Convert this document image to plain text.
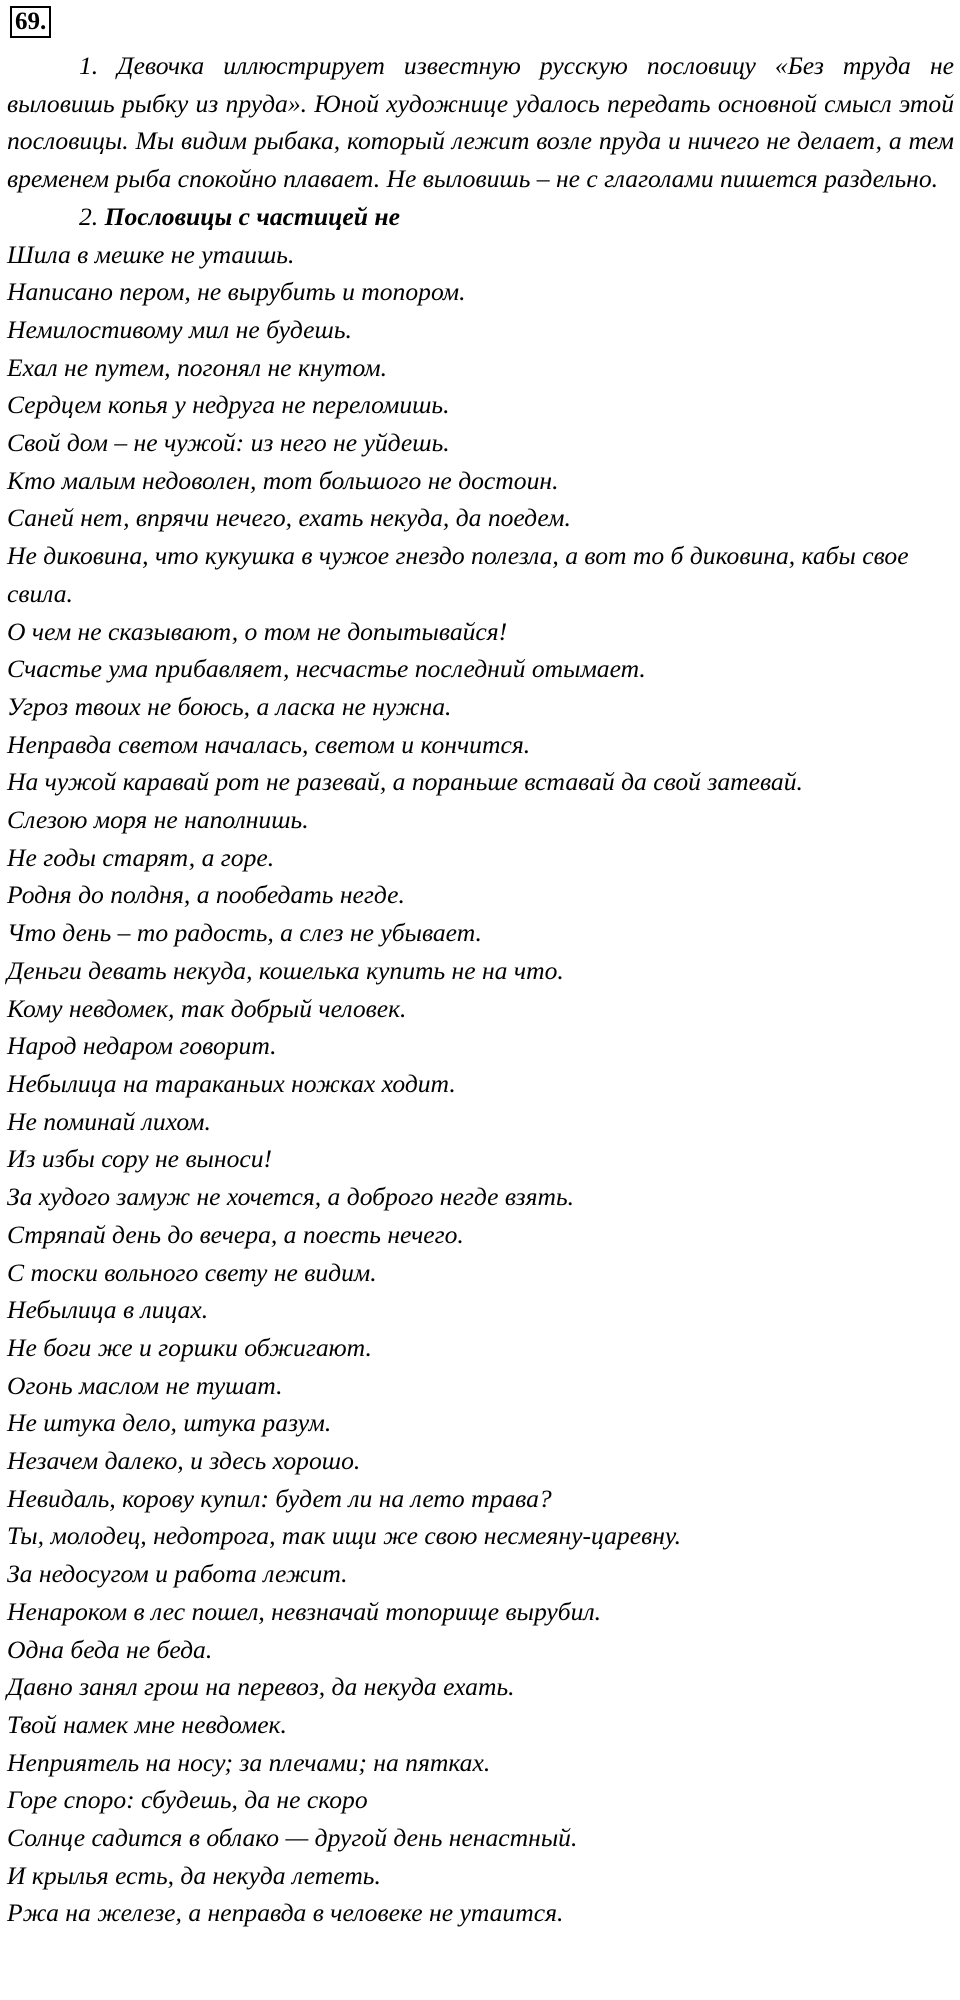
69.

1. Девочка иллюстрирует известную русскую пословицу «Без труда не выловишь рыбку из пруда». Юной художнице удалось передать основной смысл этой пословицы. Мы видим рыбака, который лежит возле пруда и ничего не делает, а тем временем рыба спокойно плавает. Не выловишь – не с глаголами пишется раздельно.

2. Пословицы с частицей не

Шила в мешке не утаишь.

Написано пером, не вырубить и топором.

Немилостивому мил не будешь.

Ехал не путем, погонял не кнутом.

Сердцем копья у недруга не переломишь.

Свой дом – не чужой: из него не уйдешь.

Кто малым недоволен, тот большого не достоин.

Саней нет, впрячи нечего, ехать некуда, да поедем.

Не диковина, что кукушка в чужое гнездо полезла, а вот то б диковина, кабы свое свила.

О чем не сказывают, о том не допытывайся!

Счастье ума прибавляет, несчастье последний отымает.

Угроз твоих не боюсь, а ласка не нужна.

Неправда светом началась, светом и кончится.

На чужой каравай рот не разевай, а пораньше вставай да свой затевай.

Слезою моря не наполнишь.

Не годы старят, а горе.

Родня до полдня, а пообедать негде.

Что день – то радость, а слез не убывает.

Деньги девать некуда, кошелька купить не на что.

Кому невдомек, так добрый человек.

Народ недаром говорит.

Небылица на тараканьих ножках ходит.

Не поминай лихом.

Из избы сору не выноси!

За худого замуж не хочется, а доброго негде взять.

Стряпай день до вечера, а поесть нечего.

С тоски вольного свету не видим.

Небылица в лицах.

Не боги же и горшки обжигают.

Огонь маслом не тушат.

Не штука дело, штука разум.

Незачем далеко, и здесь хорошо.

Невидаль, корову купил: будет ли на лето трава?

Ты, молодец, недотрога, так ищи же свою несмеяну-царевну.

За недосугом и работа лежит.

Ненароком в лес пошел, невзначай топорище вырубил.

Одна беда не беда.

Давно занял грош на перевоз, да некуда ехать.

Твой намек мне невдомек.

Неприятель на носу; за плечами; на пятках.

Горе споро: сбудешь, да не скоро

Солнце садится в облако — другой день ненастный.

И крылья есть, да некуда лететь.

Ржа на железе, а неправда в человеке не утаится.
